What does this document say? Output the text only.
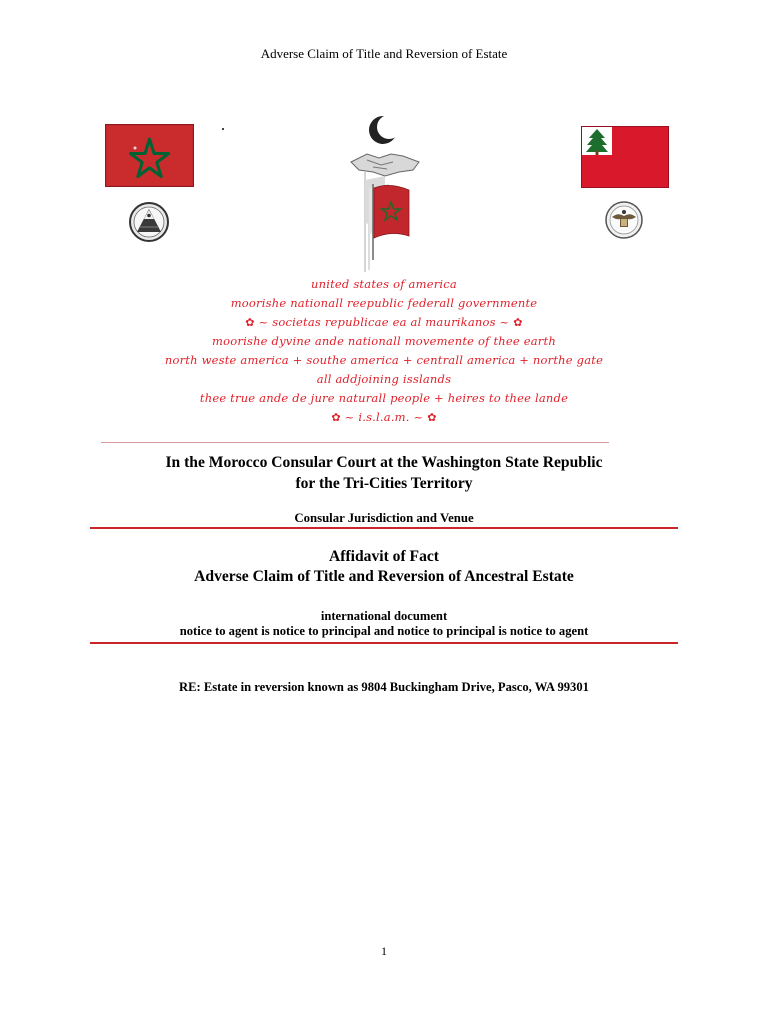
Adverse Claim of Title and Reversion of Estate
united states of america
moorishe nationall reepublic federall governmente
✿ ~ societas republicae ea al maurikanos ~ ✿
moorishe dyvine ande nationall movemente of thee earth
north weste america + southe america + centrall america + northe gate
all addjoining isslands
thee true ande de jure naturall people + heires to thee lande
✿ ~ i.s.l.a.m. ~ ✿
In the Morocco Consular Court at the Washington State Republic
for the Tri-Cities Territory
Consular Jurisdiction and Venue
Affidavit of Fact
Adverse Claim of Title and Reversion of Ancestral Estate
international document
notice to agent is notice to principal and notice to principal is notice to agent
RE: Estate in reversion known as 9804 Buckingham Drive, Pasco, WA 99301
1
